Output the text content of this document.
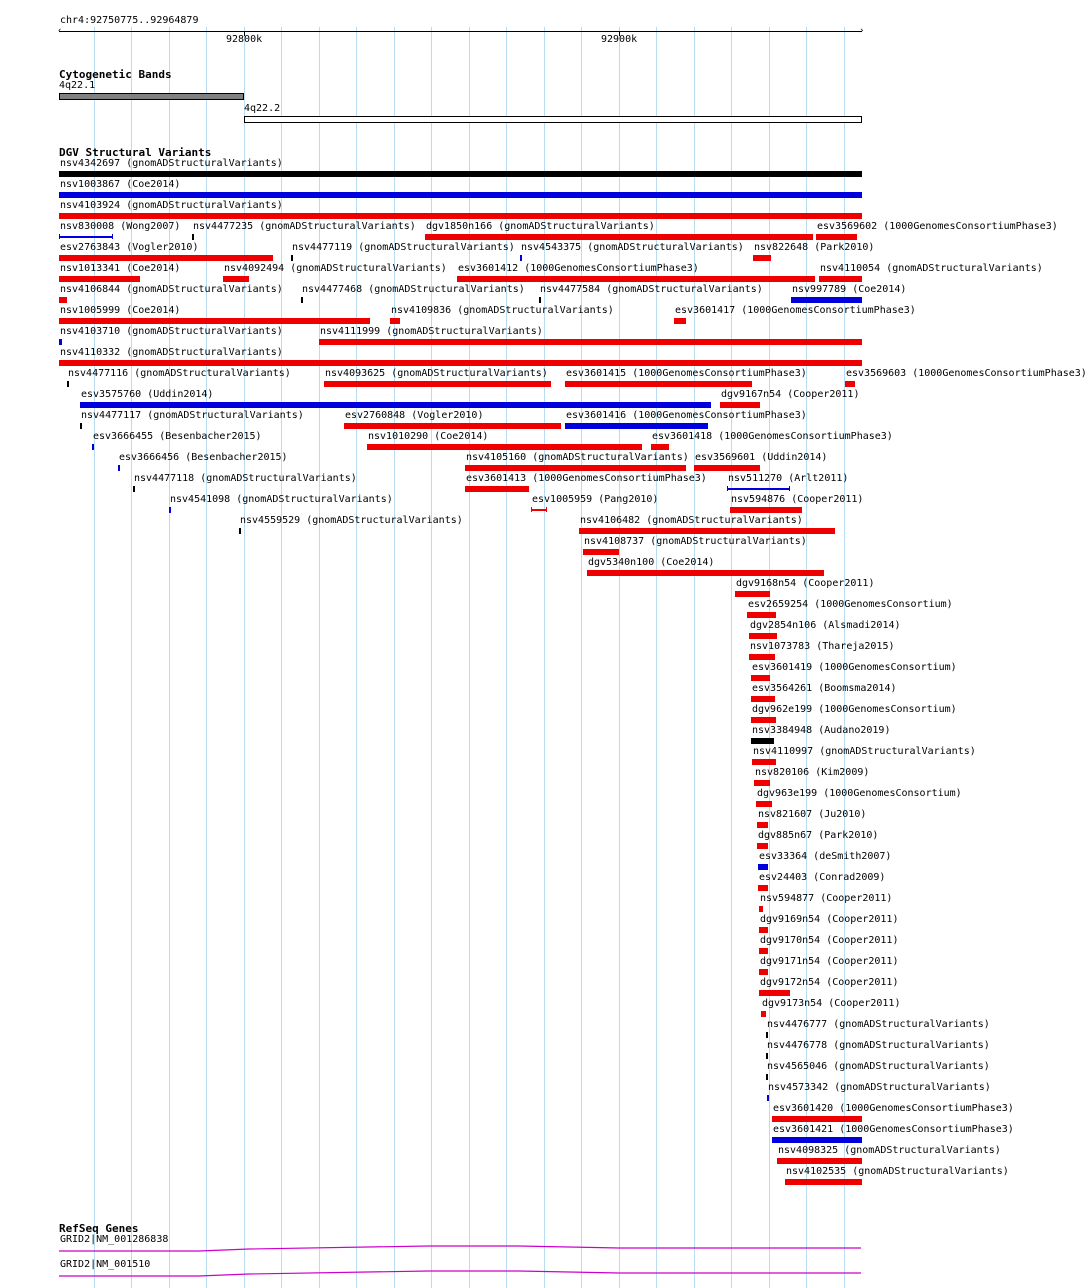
chr4:92750775..92964879
‹	›
92800k	92900k
Cytogenetic Bands
4q22.1
4q22.2
DGV Structural Variants
nsv4342697 (gnomADStructuralVariants)
nsv1003867 (Coe2014)
nsv4103924 (gnomADStructuralVariants)
nsv830008 (Wong2007) nsv4477235 (gnomADStructuralVariants) dgv1850n166 (gnomADStructuralVariants)	esv3569602 (1000GenomesConsortiumPhase3)
esv2763843 (Vogler2010)	nsv4477119 (gnomADStructuralVariants) nsv4543375 (gnomADStructuralVariants) nsv822648 (Park2010)
nsv1013341 (Coe2014)	nsv4092494 (gnomADStructuralVariants) esv3601412 (1000GenomesConsortiumPhase3)	nsv4110054 (gnomADStructuralVariants)
nsv4106844 (gnomADStructuralVariants) nsv4477468 (gnomADStructuralVariants) nsv4477584 (gnomADStructuralVariants)	nsv997789 (Coe2014)
nsv1005999 (Coe2014)	nsv4109836 (gnomADStructuralVariants)	esv3601417 (1000GenomesConsortiumPhase3)
nsv4103710 (gnomADStructuralVariants)	nsv4111999 (gnomADStructuralVariants)
nsv4110332 (gnomADStructuralVariants)
nsv4477116 (gnomADStructuralVariants)	nsv4093625 (gnomADStructuralVariants) esv3601415 (1000GenomesConsortiumPhase3)	esv3569603 (1000GenomesConsortiumPhase3)
esv3575760 (Uddin2014)	dgv9167n54 (Cooper2011)
nsv4477117 (gnomADStructuralVariants)	esv2760848 (Vogler2010)	esv3601416 (1000GenomesConsortiumPhase3)
esv3666455 (Besenbacher2015)	nsv1010290 (Coe2014)	esv3601418 (1000GenomesConsortiumPhase3)
esv3666456 (Besenbacher2015)	nsv4105160 (gnomADStructuralVariants) esv3569601 (Uddin2014)
nsv4477118 (gnomADStructuralVariants)	esv3601413 (1000GenomesConsortiumPhase3) nsv511270 (Arlt2011)
nsv4541098 (gnomADStructuralVariants)	esv1005959 (Pang2010)	nsv594876 (Cooper2011)
nsv4559529 (gnomADStructuralVariants)	nsv4106482 (gnomADStructuralVariants)
nsv4108737 (gnomADStructuralVariants)
dgv5340n100 (Coe2014)
dgv9168n54 (Cooper2011)
esv2659254 (1000GenomesConsortium)
dgv2854n106 (Alsmadi2014)
nsv1073783 (Thareja2015)
esv3601419 (1000GenomesConsortium)
esv3564261 (Boomsma2014)
dgv962e199 (1000GenomesConsortium)
nsv3384948 (Audano2019)
nsv4110997 (gnomADStructuralVariants)
nsv820106 (Kim2009)
dgv963e199 (1000GenomesConsortium)
nsv821607 (Ju2010)
dgv885n67 (Park2010)
esv33364 (deSmith2007)
esv24403 (Conrad2009)
nsv594877 (Cooper2011)
dgv9169n54 (Cooper2011)
dgv9170n54 (Cooper2011)
dgv9171n54 (Cooper2011)
dgv9172n54 (Cooper2011)
dgv9173n54 (Cooper2011)
nsv4476777 (gnomADStructuralVariants)
nsv4476778 (gnomADStructuralVariants)
nsv4565046 (gnomADStructuralVariants)
nsv4573342 (gnomADStructuralVariants)
esv3601420 (1000GenomesConsortiumPhase3)
esv3601421 (1000GenomesConsortiumPhase3)
nsv4098325 (gnomADStructuralVariants)
nsv4102535 (gnomADStructuralVariants)
RefSeq Genes
GRID2|NM_001286838
GRID2|NM_001510
